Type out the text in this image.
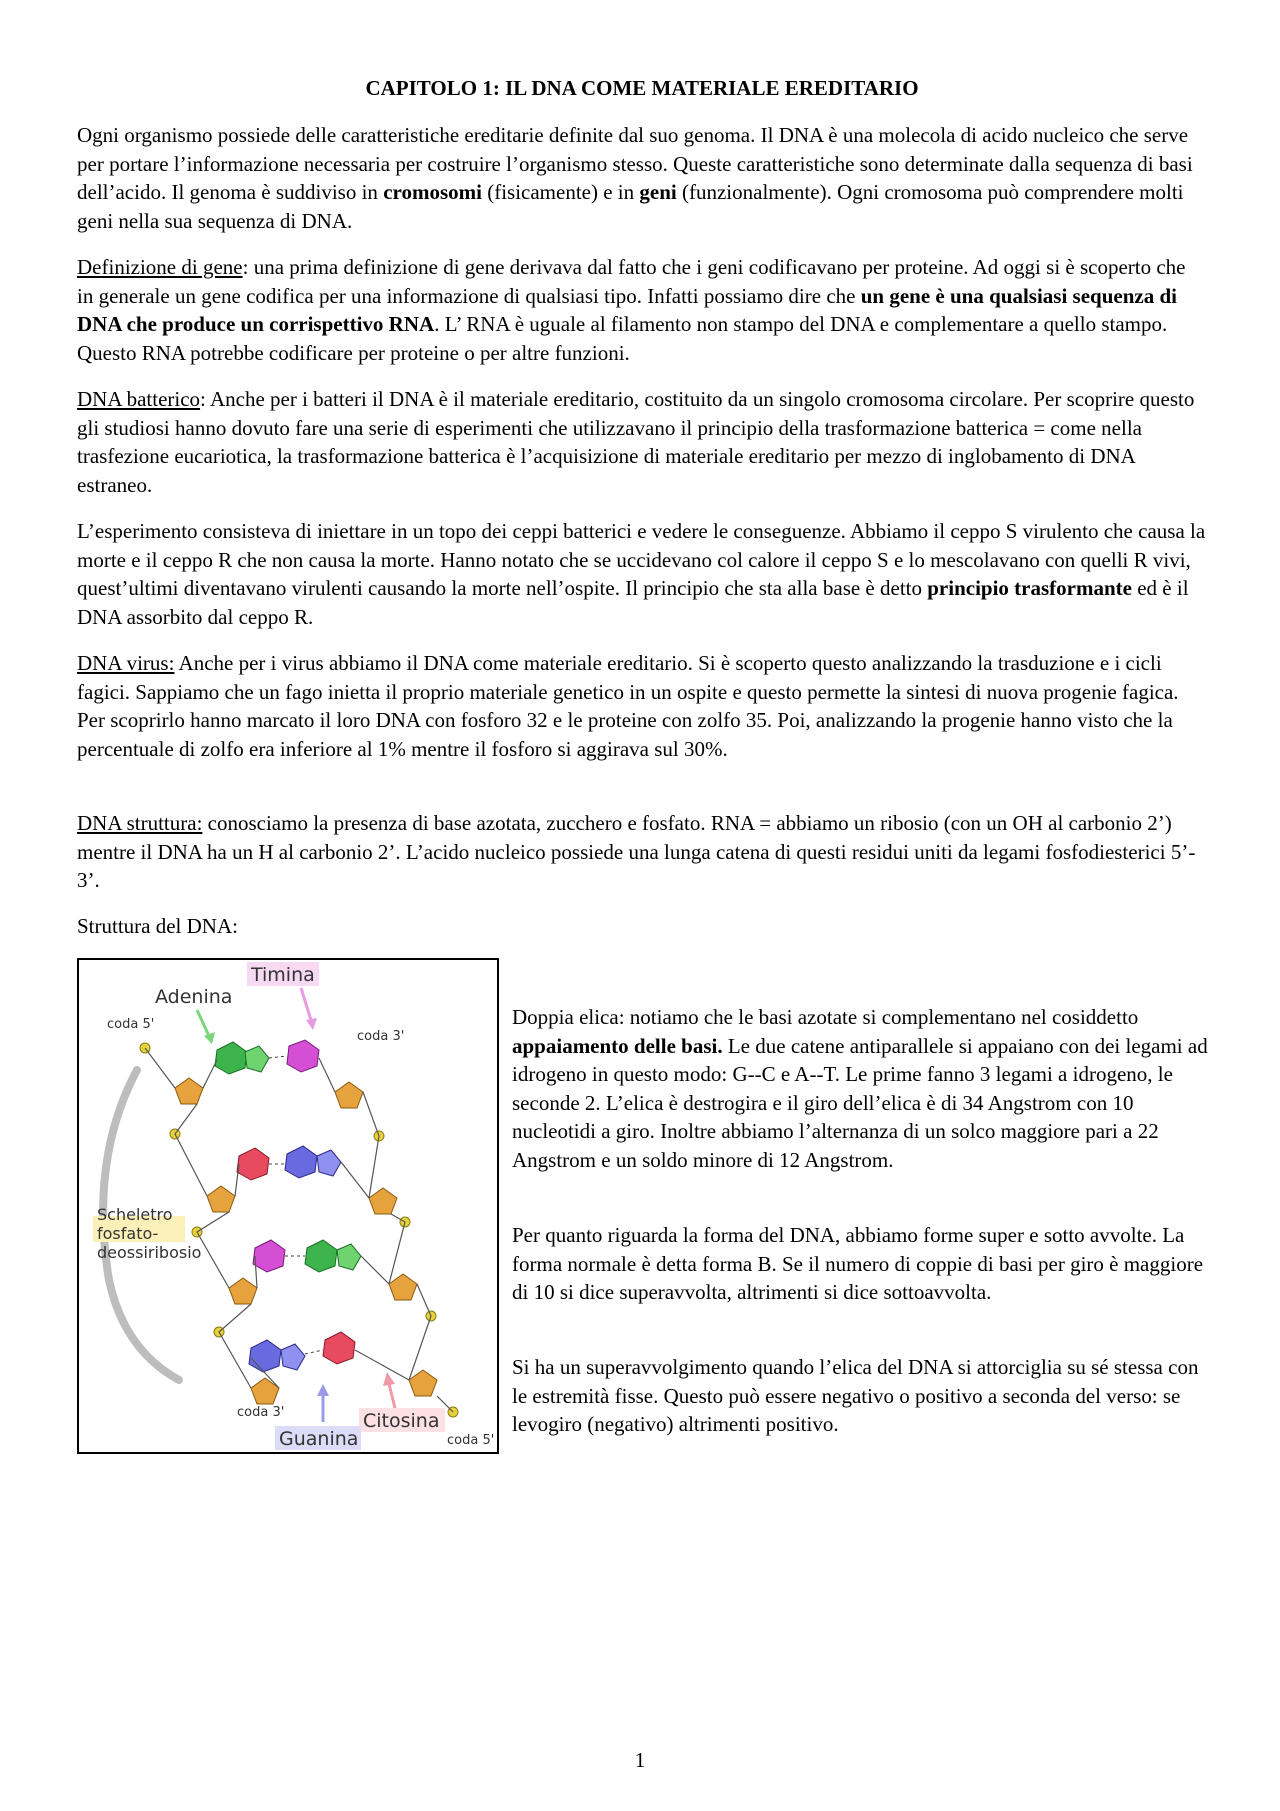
CAPITOLO 1: IL DNA COME MATERIALE EREDITARIO

Ogni organismo possiede delle caratteristiche ereditarie definite dal suo genoma. Il DNA è una molecola di acido nucleico che serve per portare l’informazione necessaria per costruire l’organismo stesso. Queste caratteristiche sono determinate dalla sequenza di basi dell’acido. Il genoma è suddiviso in cromosomi (fisicamente) e in geni (funzionalmente). Ogni cromosoma può comprendere molti geni nella sua sequenza di DNA.

Definizione di gene: una prima definizione di gene derivava dal fatto che i geni codificavano per proteine. Ad oggi si è scoperto che in generale un gene codifica per una informazione di qualsiasi tipo. Infatti possiamo dire che un gene è una qualsiasi sequenza di DNA che produce un corrispettivo RNA. L’ RNA è uguale al filamento non stampo del DNA e complementare a quello stampo. Questo RNA potrebbe codificare per proteine o per altre funzioni.

DNA batterico: Anche per i batteri il DNA è il materiale ereditario, costituito da un singolo cromosoma circolare. Per scoprire questo gli studiosi hanno dovuto fare una serie di esperimenti che utilizzavano il principio della trasformazione batterica = come nella trasfezione eucariotica, la trasformazione batterica è l’acquisizione di materiale ereditario per mezzo di inglobamento di DNA estraneo.

L’esperimento consisteva di iniettare in un topo dei ceppi batterici e vedere le conseguenze. Abbiamo il ceppo S virulento che causa la morte e il ceppo R che non causa la morte. Hanno notato che se uccidevano col calore il ceppo S e lo mescolavano con quelli R vivi, quest’ultimi diventavano virulenti causando la morte nell’ospite. Il principio che sta alla base è detto principio trasformante ed è il DNA assorbito dal ceppo R.

DNA virus: Anche per i virus abbiamo il DNA come materiale ereditario. Si è scoperto questo analizzando la trasduzione e i cicli fagici. Sappiamo che un fago inietta il proprio materiale genetico in un ospite e questo permette la sintesi di nuova progenie fagica. Per scoprirlo hanno marcato il loro DNA con fosforo 32 e le proteine con zolfo 35. Poi, analizzando la progenie hanno visto che la percentuale di zolfo era inferiore al 1% mentre il fosforo si aggirava sul 30%.

DNA struttura: conosciamo la presenza di base azotata, zucchero e fosfato. RNA = abbiamo un ribosio (con un OH al carbonio 2’) mentre il DNA ha un H al carbonio 2’. L’acido nucleico possiede una lunga catena di questi residui uniti da legami fosfodiesterici 5’- 3’.

Struttura del DNA:

Timina
Adenina
coda 5'
coda 3'
Scheletro
fosfato-
deossiribosio
coda 3'	Citosina
Guanina	coda 5'

Doppia elica: notiamo che le basi azotate si complementano nel cosiddetto appaiamento delle basi. Le due catene antiparallele si appaiano con dei legami ad idrogeno in questo modo: G--C e A--T. Le prime fanno 3 legami a idrogeno, le seconde 2. L’elica è destrogira e il giro dell’elica è di 34 Angstrom con 10 nucleotidi a giro. Inoltre abbiamo l’alternanza di un solco maggiore pari a 22 Angstrom e un soldo minore di 12 Angstrom.

Per quanto riguarda la forma del DNA, abbiamo forme super e sotto avvolte. La forma normale è detta forma B. Se il numero di coppie di basi per giro è maggiore di 10 si dice superavvolta, altrimenti si dice sottoavvolta.

Si ha un superavvolgimento quando l’elica del DNA si attorciglia su sé stessa con le estremità fisse. Questo può essere negativo o positivo a seconda del verso: se levogiro (negativo) altrimenti positivo.

1
